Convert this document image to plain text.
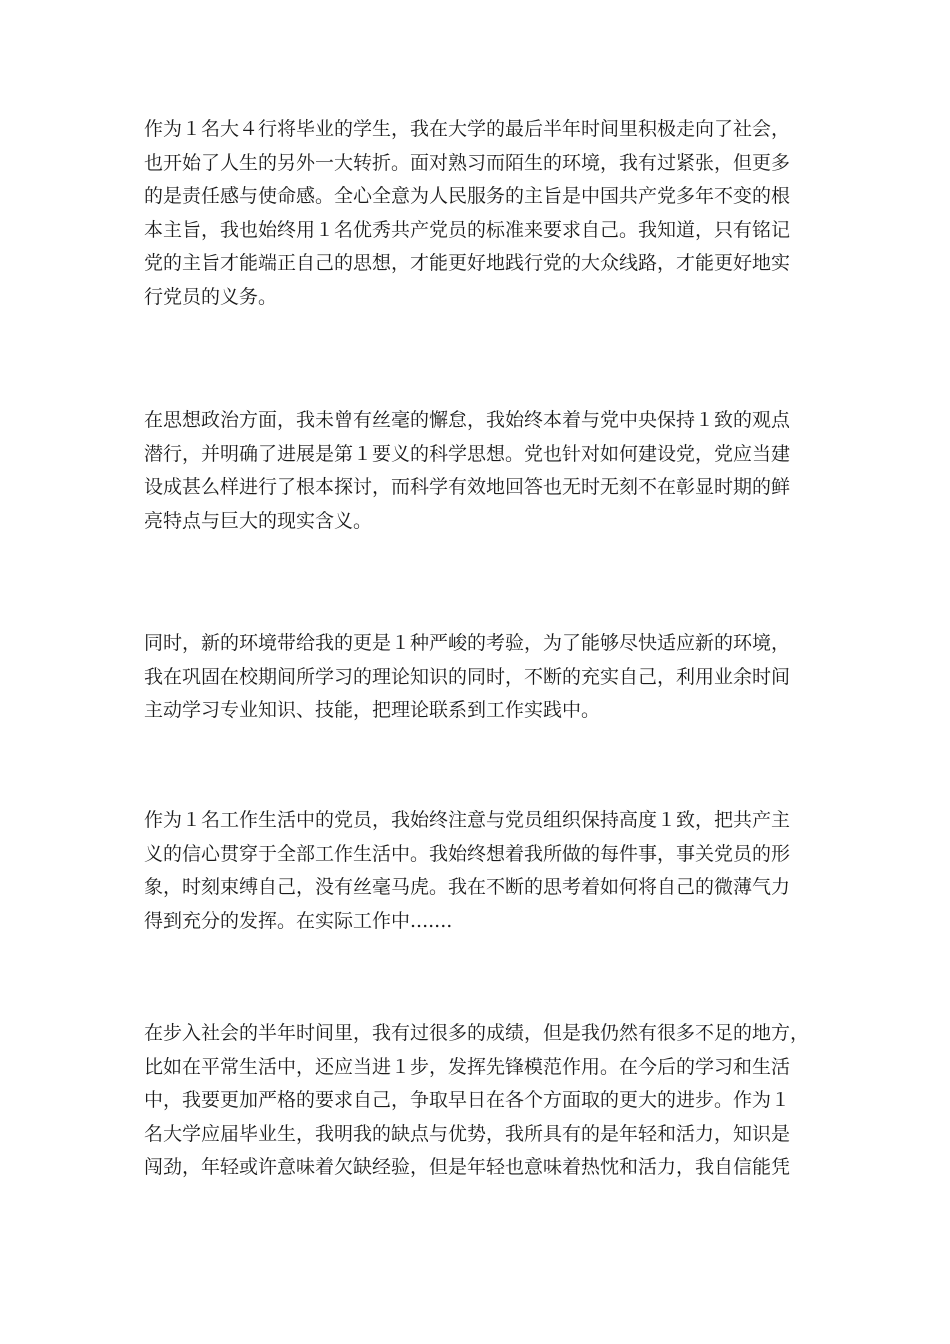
作为１名大４行将毕业的学生，我在大学的最后半年时间里积极走向了社会，
也开始了人生的另外一大转折。面对熟习而陌生的环境，我有过紧张，但更多
的是责任感与使命感。全心全意为人民服务的主旨是中国共产党多年不变的根
本主旨，我也始终用１名优秀共产党员的标准来要求自己。我知道，只有铭记
党的主旨才能端正自己的思想，才能更好地践行党的大众线路，才能更好地实
行党员的义务。

在思想政治方面，我未曾有丝毫的懈怠，我始终本着与党中央保持１致的观点
潜行，并明确了进展是第１要义的科学思想。党也针对如何建设党，党应当建
设成甚么样进行了根本探讨，而科学有效地回答也无时无刻不在彰显时期的鲜
亮特点与巨大的现实含义。

同时，新的环境带给我的更是１种严峻的考验，为了能够尽快适应新的环境，
我在巩固在校期间所学习的理论知识的同时，不断的充实自己，利用业余时间
主动学习专业知识、技能，把理论联系到工作实践中。

作为１名工作生活中的党员，我始终注意与党员组织保持高度１致，把共产主
义的信心贯穿于全部工作生活中。我始终想着我所做的每件事，事关党员的形
象，时刻束缚自己，没有丝毫马虎。我在不断的思考着如何将自己的微薄气力
得到充分的发挥。在实际工作中.......

在步入社会的半年时间里，我有过很多的成绩，但是我仍然有很多不足的地方，
比如在平常生活中，还应当进１步，发挥先锋模范作用。在今后的学习和生活
中，我要更加严格的要求自己，争取早日在各个方面取的更大的进步。作为１
名大学应届毕业生，我明我的缺点与优势，我所具有的是年轻和活力，知识是
闯劲，年轻或许意味着欠缺经验，但是年轻也意味着热忱和活力，我自信能凭
